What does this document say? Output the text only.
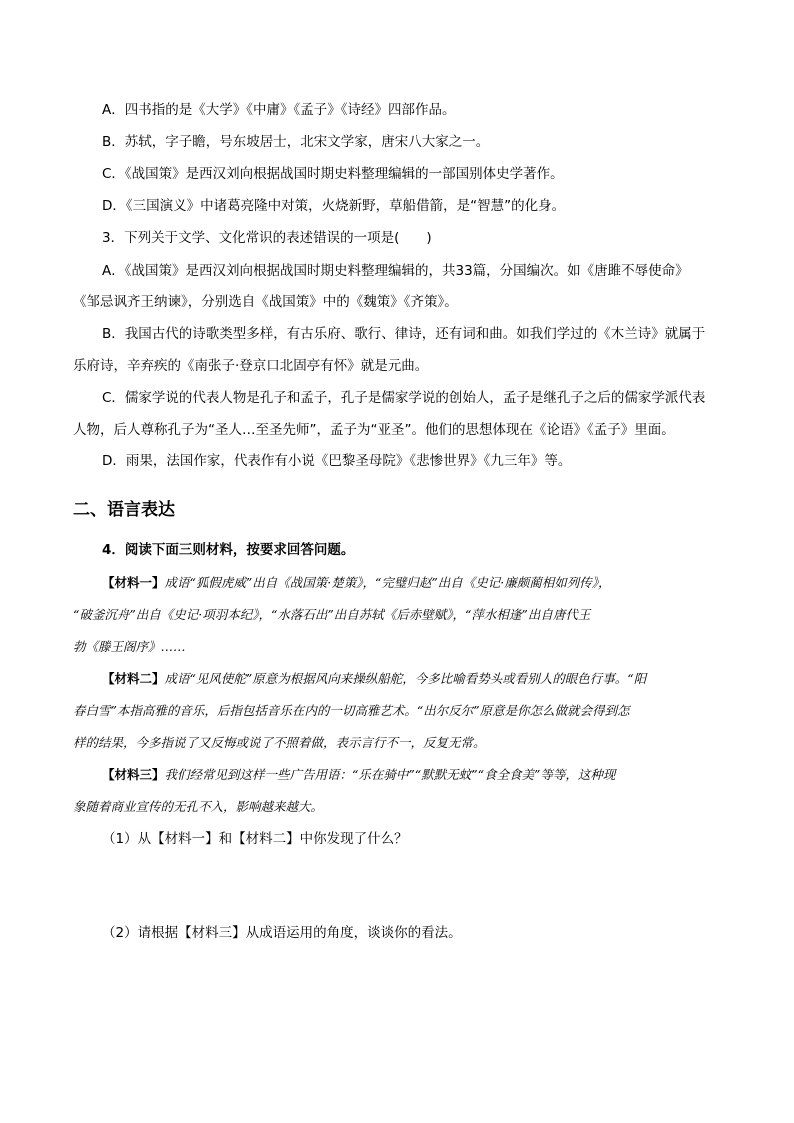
A．四书指的是《大学》《中庸》《孟子》《诗经》四部作品。
B．苏轼，字子瞻，号东坡居士，北宋文学家，唐宋八大家之一。
C．《战国策》是西汉刘向根据战国时期史料整理编辑的一部国别体史学著作。
D．《三国演义》中诸葛亮隆中对策，火烧新野，草船借箭，是“智慧”的化身。
3．下列关于文学、文化常识的表述错误的一项是(　　)
A．《战国策》是西汉刘向根据战国时期史料整理编辑的，共33篇，分国编次。如《唐雎不辱使命》
《邹忌讽齐王纳谏》，分别选自《战国策》中的《魏策》《齐策》。
B．我国古代的诗歌类型多样，有古乐府、歌行、律诗，还有词和曲。如我们学过的《木兰诗》就属于
乐府诗，辛弃疾的《南张子·登京口北固亭有怀》就是元曲。
C．儒家学说的代表人物是孔子和孟子，孔子是儒家学说的创始人，孟子是继孔子之后的儒家学派代表
人物，后人尊称孔子为“圣人…至圣先师”，孟子为“亚圣”。他们的思想体现在《论语》《孟子》里面。
D．雨果，法国作家，代表作有小说《巴黎圣母院》《悲惨世界》《九三年》等。
二、语言表达
4．阅读下面三则材料，按要求回答问题。
【材料一】成语“狐假虎威”出自《战国策·楚策》，“完璧归赵”出自《史记·廉颇蔺相如列传》，
“破釜沉舟”出自《史记·项羽本纪》，“水落石出”出自苏轼《后赤壁赋》，“萍水相逢”出自唐代王
勃《滕王阁序》……
【材料二】成语“见风使舵”原意为根据风向来操纵船舵，今多比喻看势头或看别人的眼色行事。“阳
春白雪”本指高雅的音乐，后指包括音乐在内的一切高雅艺术。“出尔反尔”原意是你怎么做就会得到怎
样的结果，今多指说了又反悔或说了不照着做，表示言行不一，反复无常。
【材料三】我们经常见到这样一些广告用语：“乐在骑中”“默默无蚊”“食全食美”等等，这种现
象随着商业宣传的无孔不入，影响越来越大。
（1）从【材料一】和【材料二】中你发现了什么？
（2）请根据【材料三】从成语运用的角度，谈谈你的看法。
